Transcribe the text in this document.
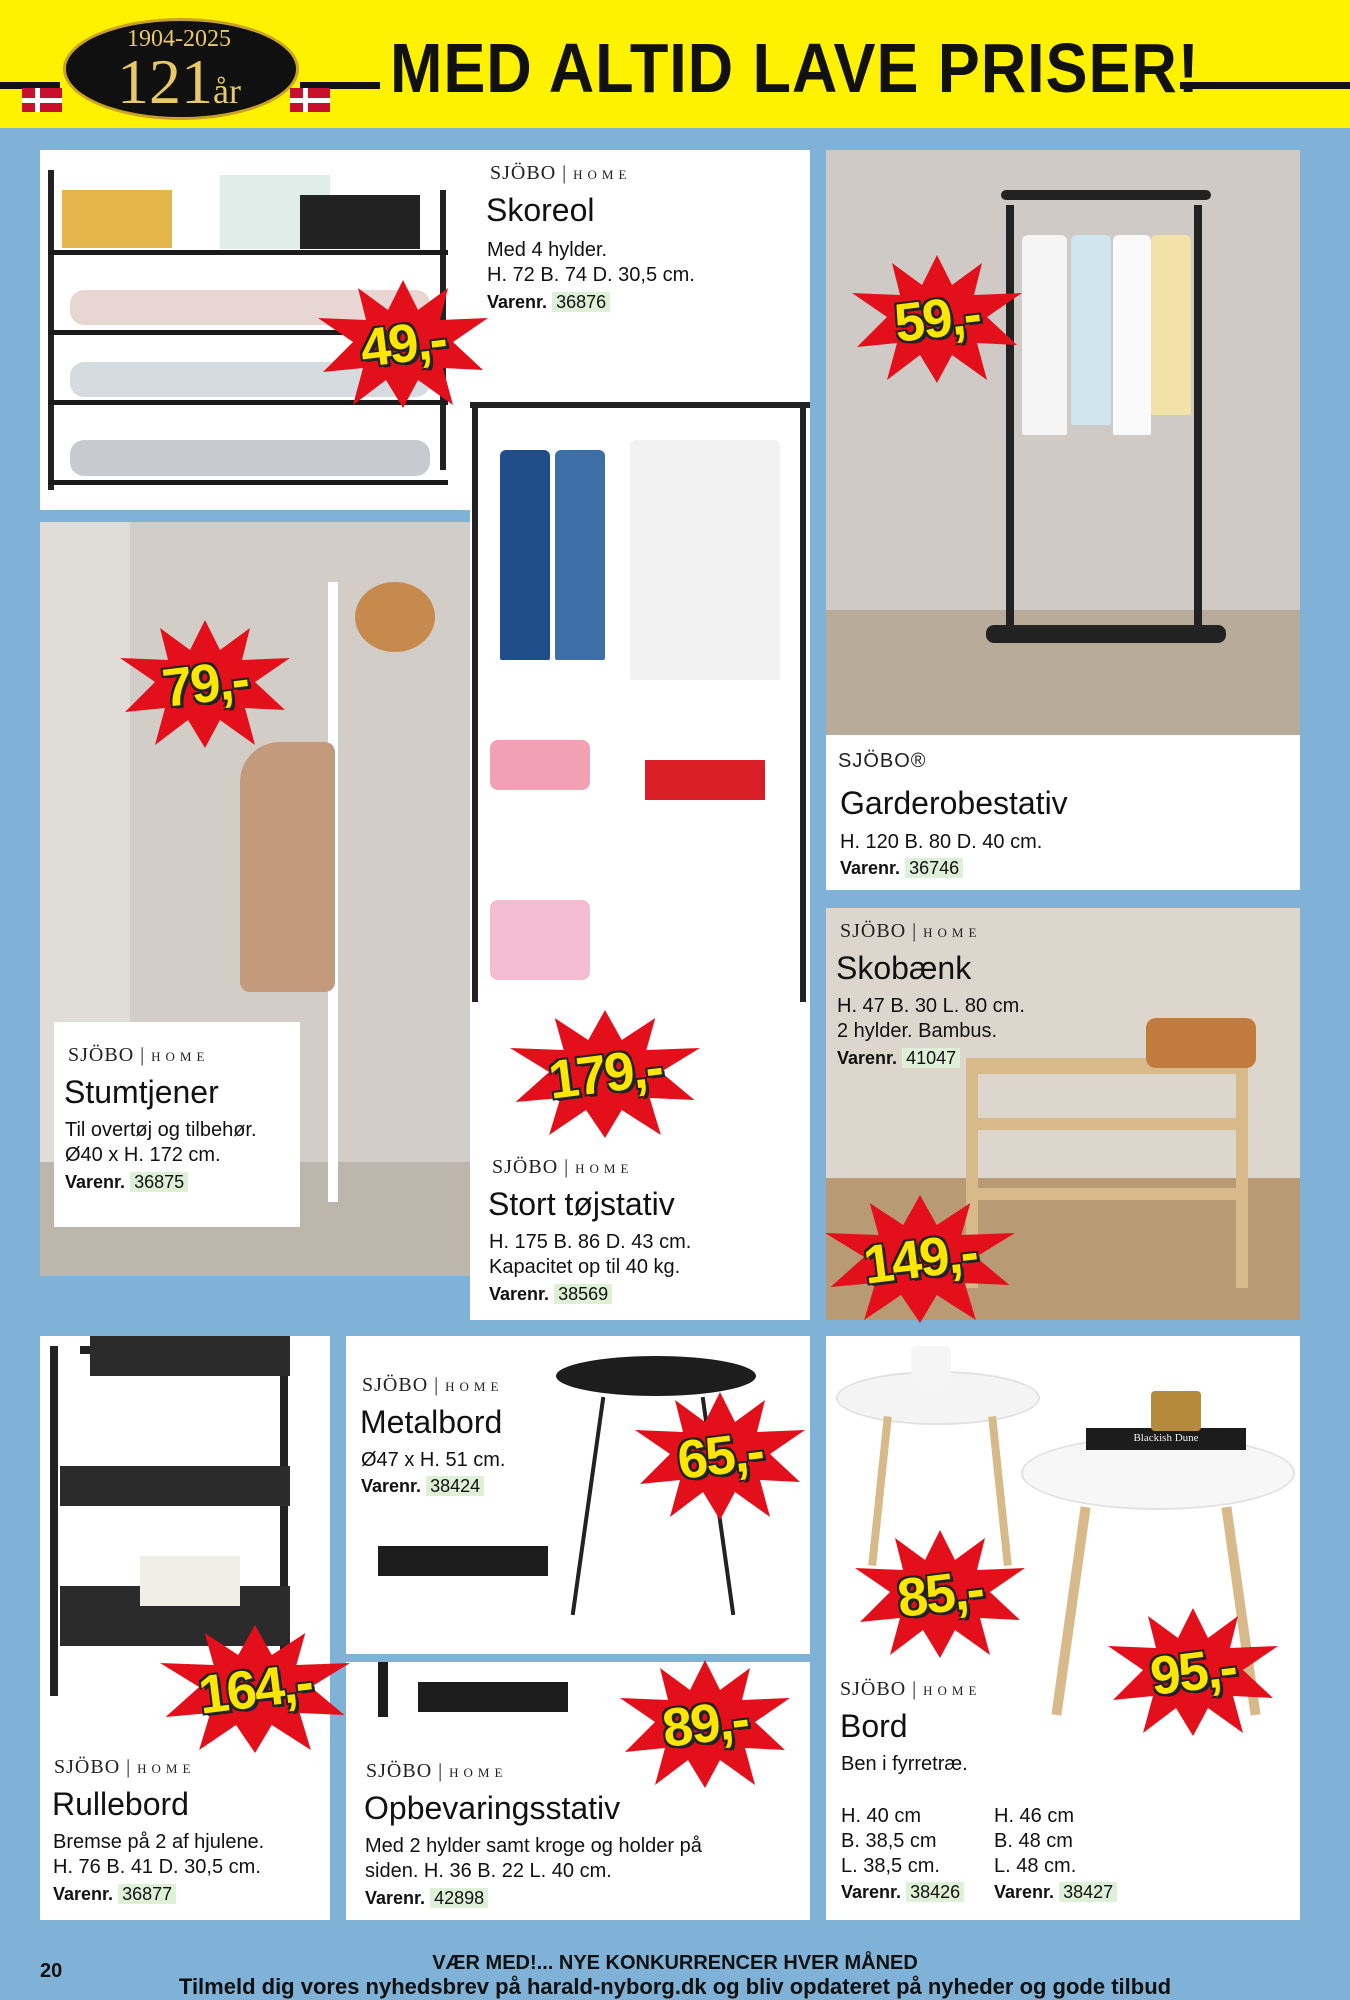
1904-2025
121år	MED ALTID LAVE PRISER!
SJÖBO | HOME
Skoreol
Med 4 hylder.
H. 72 B. 74 D. 30,5 cm.
Varenr. 36876
SJÖBO®
Garderobestativ
H. 120 B. 80 D. 40 cm.
Varenr. 36746
SJÖBO | HOME
Stumtjener
Til overtøj og tilbehør.
Ø40 x H. 172 cm.
Varenr. 36875
SJÖBO | HOME
Stort tøjstativ
H. 175 B. 86 D. 43 cm.
Kapacitet op til 40 kg.
Varenr. 38569
SJÖBO | HOME
Skobænk
H. 47 B. 30 L. 80 cm.
2 hylder. Bambus.
Varenr. 41047
SJÖBO | HOME
Rullebord
Bremse på 2 af hjulene.
H. 76 B. 41 D. 30,5 cm.
Varenr. 36877
SJÖBO | HOME
Metalbord
Ø47 x H. 51 cm.
Varenr. 38424
SJÖBO | HOME
Opbevaringsstativ
Med 2 hylder samt kroge og holder på
siden. H. 36 B. 22 L. 40 cm.
Varenr. 42898
Blackish Dune
SJÖBO | HOME
Bord
Ben i fyrretræ.
H. 40 cm
B. 38,5 cm
L. 38,5 cm.
Varenr. 38426
H. 46 cm
B. 48 cm
L. 48 cm.
Varenr. 38427
49,-	59,-
79,-
179,-
149,-
164,-
65,-
89,-
85,-
95,-
20	VÆR MED!... NYE KONKURRENCER HVER MÅNED
Tilmeld dig vores nyhedsbrev på harald-nyborg.dk og bliv opdateret på nyheder og gode tilbud
